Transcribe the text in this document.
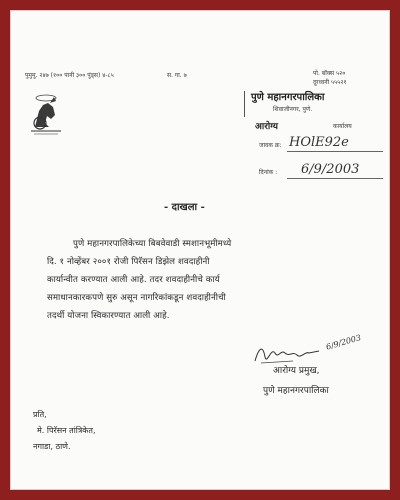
पुमुमु. २४७ (१०० पानी ३०० पुंड्स) ४-८५	स. गा. ७	पो. बॉक्स ५२०
दूरध्वनी ५५५२१
पुणे महानगरपालिका
शिवाजीनगर, पुणे.
आरोग्य	कार्यालय
जावक क्र: HOlE92e
दिनांक : 6/9/2003
- दाखला -
पुणे महानगरपालिकेच्या बिबवेवाडी स्मशानभूमीमध्ये
दि. १ नोव्हेंबर २००१ रोजी पिरॅसन डिझेल शवदाहीनी
कार्यान्वीत करण्यात आली आहे. तदर शवदाहीनीचे कार्य
समाधानकारकपणे सुरु असून नागरिकांकडून शवदाहीनीची
तदर्थी योजना स्विकारण्यात आली आहे.
6/9/2003
आरोग्य प्रमुख,
पुणे महानगरपालिका
प्रति,
मे. पिरॅसन तांत्रिकेत,
नगाडा, ठाणे.
